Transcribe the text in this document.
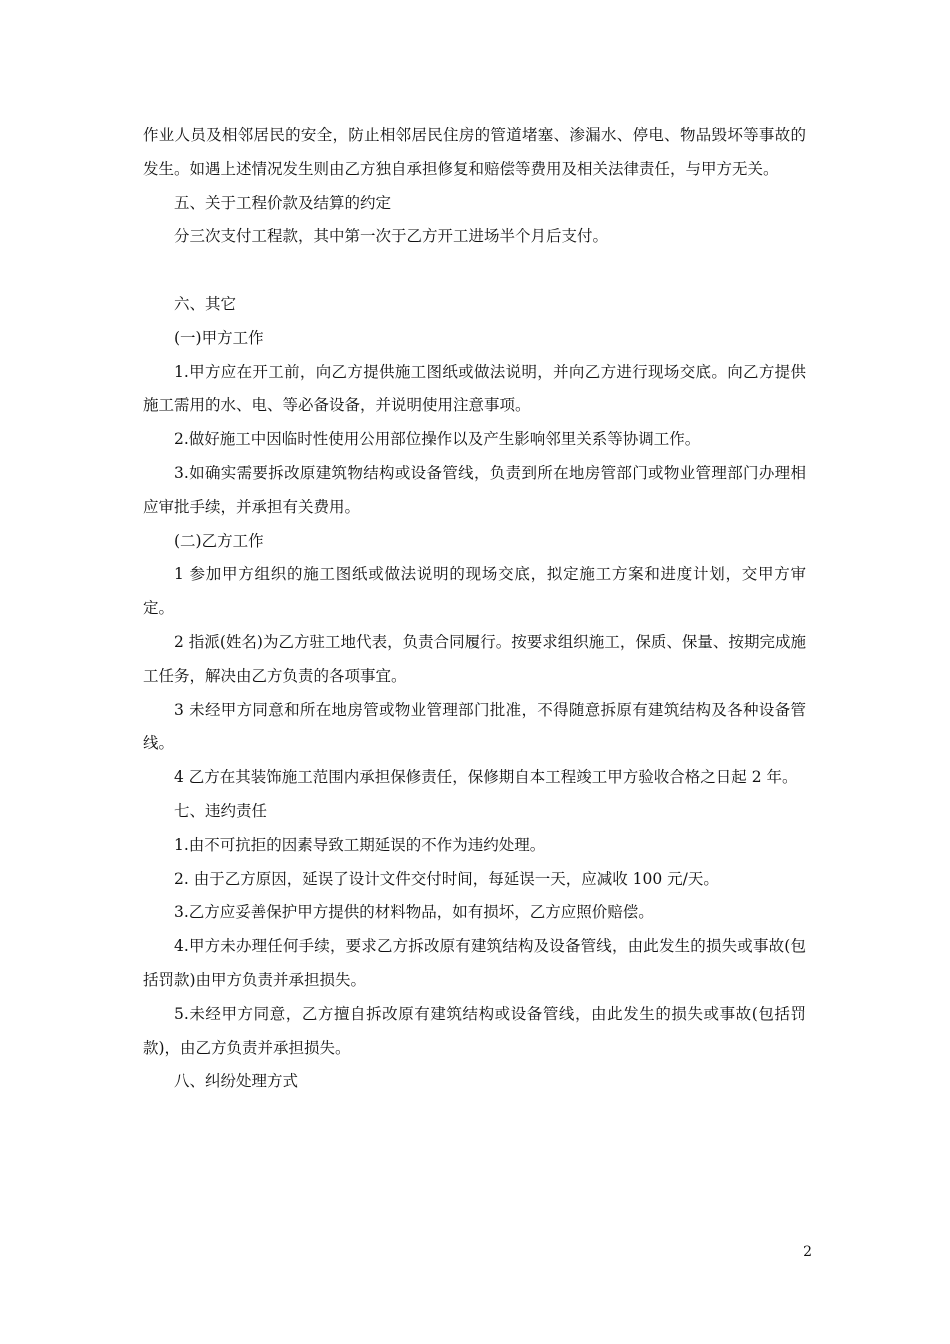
作业人员及相邻居民的安全，防止相邻居民住房的管道堵塞、渗漏水、停电、物品毁坏等事故的发生。如遇上述情况发生则由乙方独自承担修复和赔偿等费用及相关法律责任，与甲方无关。

五、关于工程价款及结算的约定

分三次支付工程款，其中第一次于乙方开工进场半个月后支付。

六、其它

(一)甲方工作

1.甲方应在开工前，向乙方提供施工图纸或做法说明，并向乙方进行现场交底。向乙方提供施工需用的水、电、等必备设备，并说明使用注意事项。

2.做好施工中因临时性使用公用部位操作以及产生影响邻里关系等协调工作。

3.如确实需要拆改原建筑物结构或设备管线，负责到所在地房管部门或物业管理部门办理相应审批手续，并承担有关费用。

(二)乙方工作

1 参加甲方组织的施工图纸或做法说明的现场交底，拟定施工方案和进度计划，交甲方审定。

2 指派(姓名)为乙方驻工地代表，负责合同履行。按要求组织施工，保质、保量、按期完成施工任务，解决由乙方负责的各项事宜。

3 未经甲方同意和所在地房管或物业管理部门批准，不得随意拆原有建筑结构及各种设备管线。

4 乙方在其装饰施工范围内承担保修责任，保修期自本工程竣工甲方验收合格之日起 2 年。

七、违约责任

1.由不可抗拒的因素导致工期延误的不作为违约处理。

2. 由于乙方原因，延误了设计文件交付时间，每延误一天，应减收 100 元/天。

3.乙方应妥善保护甲方提供的材料物品，如有损坏，乙方应照价赔偿。

4.甲方未办理任何手续，要求乙方拆改原有建筑结构及设备管线，由此发生的损失或事故(包括罚款)由甲方负责并承担损失。

5.未经甲方同意，乙方擅自拆改原有建筑结构或设备管线，由此发生的损失或事故(包括罚款)，由乙方负责并承担损失。

八、纠纷处理方式

2
